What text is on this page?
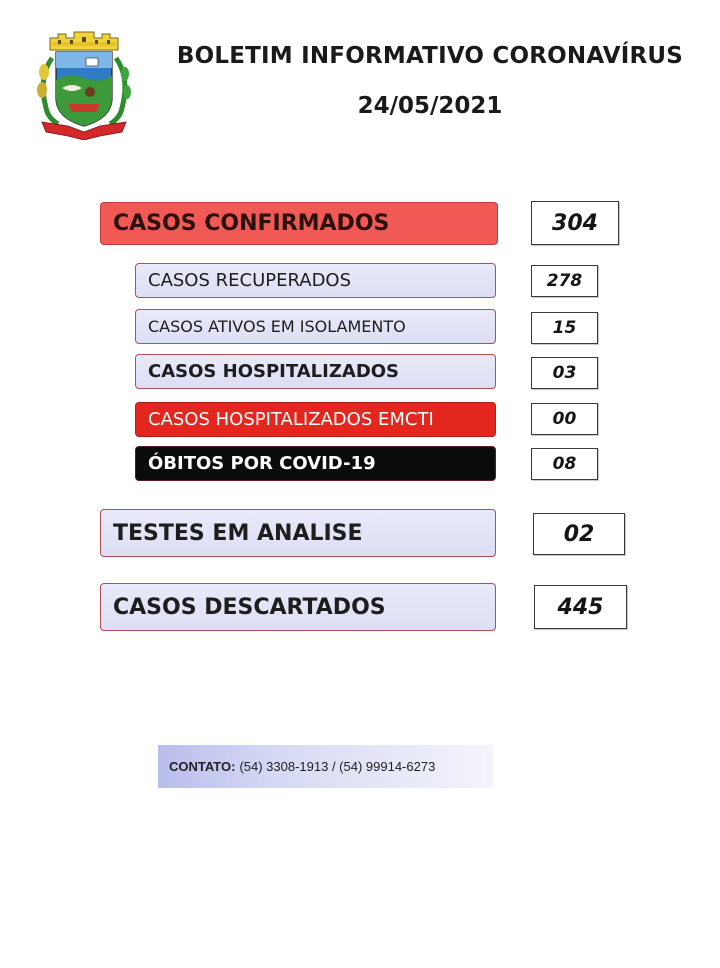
BOLETIM INFORMATIVO CORONAVÍRUS
24/05/2021
CASOS CONFIRMADOS	304
CASOS RECUPERADOS	278
CASOS ATIVOS EM ISOLAMENTO	15
CASOS HOSPITALIZADOS	03
CASOS HOSPITALIZADOS EMCTI	00
ÓBITOS POR COVID-19	08
TESTES EM ANALISE	02
CASOS DESCARTADOS	445
CONTATO: (54) 3308-1913 / (54) 99914-6273
